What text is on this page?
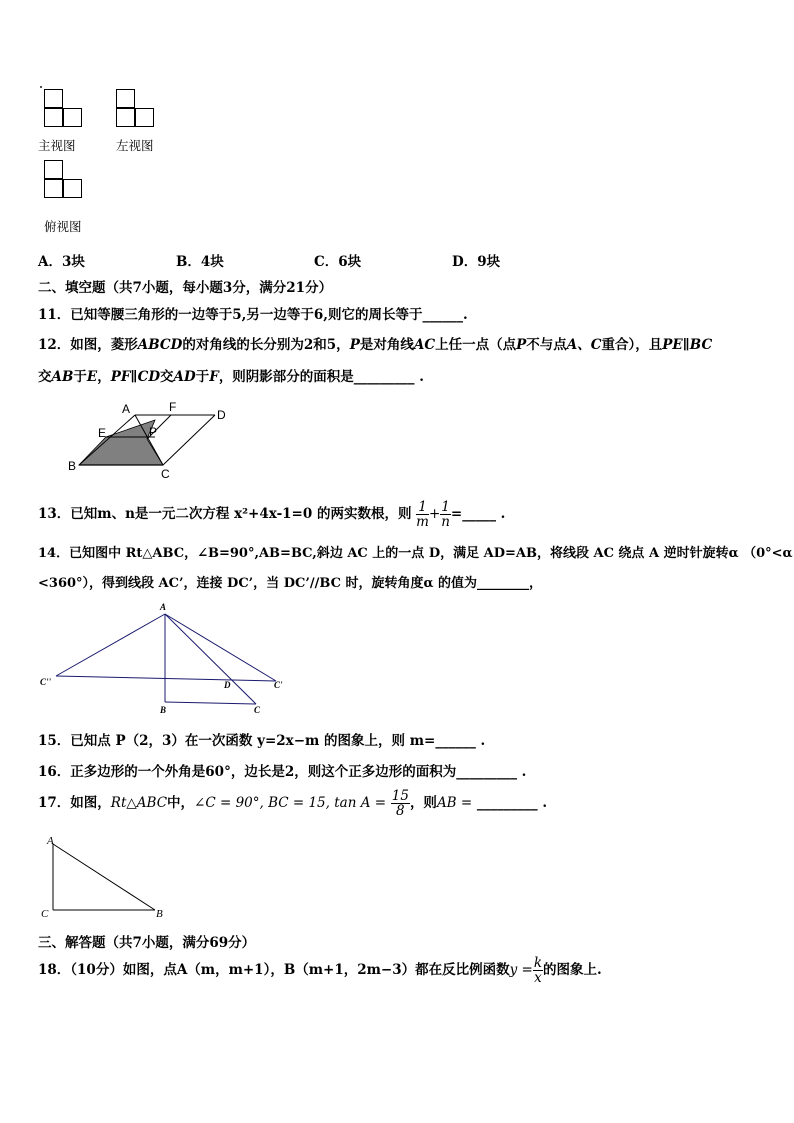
主视图	左视图
俯视图
A．3块	B．4块	C．6块	D．9块
二、填空题（共7小题，每小题3分，满分21分）
11．已知等腰三角形的一边等于5,另一边等于6,则它的周长等于______.
12．如图，菱形ABCD的对角线的长分别为2和5，P是对角线AC上任一点（点P不与点A、C重合），且PE∥BC
交AB于E，PF∥CD交AD于F，则阴影部分的面积是_________ .
A	F
D
E	P
B
C
13．已知m、n是一元二次方程 x²+4x-1=0 的两实数根，则 $\frac{1}{m} + \frac{1}{n}$ =_____ .
14．已知图中 Rt△ABC，∠B=90°,AB=BC,斜边 AC 上的一点 D，满足 AD=AB，将线段 AC 绕点 A 逆时针旋转α （0°<α
<360°），得到线段 AC’，连接 DC’，当 DC’//BC 时，旋转角度α 的值为________，
A
C''	D	C'
B	C
15．已知点 P（2，3）在一次函数 y=2x−m 的图象上，则 m=______ .
16．正多边形的一个外角是60°，边长是2，则这个正多边形的面积为_________ .
17．如图，Rt△ABC中，∠C = 90°, BC = 15, $\tan A = \frac{15}{8}$ ，则AB = _________ .
A
C	B
三、解答题（共7小题，满分69分）
18．（10分）如图，点A（m，m+1），B（m+1，2m−3）都在反比例函数$y = \frac{k}{x}$ 的图象上.
